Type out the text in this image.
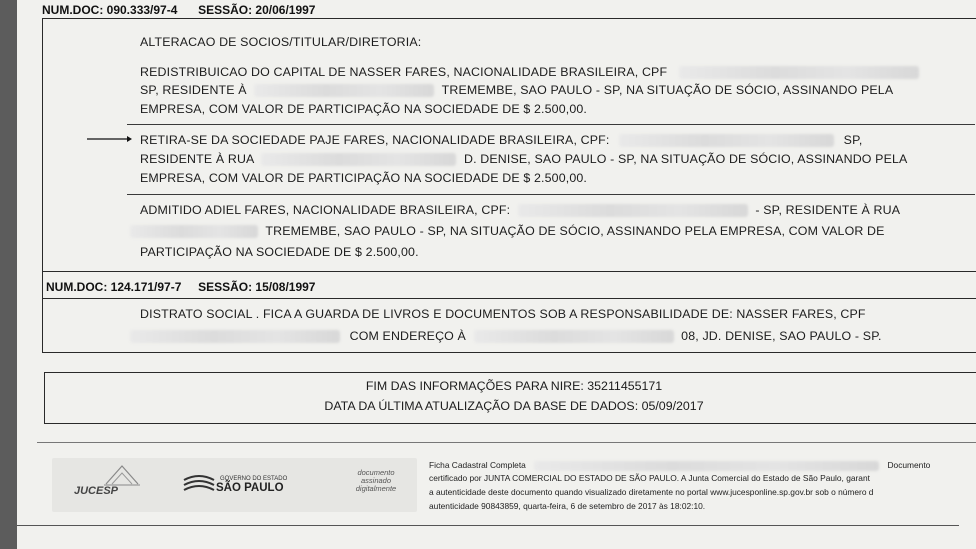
NUM.DOC: 090.333/97-4 SESSÃO: 20/06/1997
ALTERACAO DE SOCIOS/TITULAR/DIRETORIA:
REDISTRIBUICAO DO CAPITAL DE NASSER FARES, NACIONALIDADE BRASILEIRA, CPF
SP, RESIDENTE À	TREMEMBE, SAO PAULO - SP, NA SITUAÇÃO DE SÓCIO, ASSINANDO PELA
EMPRESA, COM VALOR DE PARTICIPAÇÃO NA SOCIEDADE DE $ 2.500,00.
RETIRA-SE DA SOCIEDADE PAJE FARES, NACIONALIDADE BRASILEIRA, CPF:	SP,
RESIDENTE À RUA	D. DENISE, SAO PAULO - SP, NA SITUAÇÃO DE SÓCIO, ASSINANDO PELA
EMPRESA, COM VALOR DE PARTICIPAÇÃO NA SOCIEDADE DE $ 2.500,00.
ADMITIDO ADIEL FARES, NACIONALIDADE BRASILEIRA, CPF:	- SP, RESIDENTE À RUA
TREMEMBE, SAO PAULO - SP, NA SITUAÇÃO DE SÓCIO, ASSINANDO PELA EMPRESA, COM VALOR DE
PARTICIPAÇÃO NA SOCIEDADE DE $ 2.500,00.
NUM.DOC: 124.171/97-7 SESSÃO: 15/08/1997
DISTRATO SOCIAL . FICA A GUARDA DE LIVROS E DOCUMENTOS SOB A RESPONSABILIDADE DE: NASSER FARES, CPF
COM ENDEREÇO À	08, JD. DENISE, SAO PAULO - SP.
FIM DAS INFORMAÇÕES PARA NIRE: 35211455171
DATA DA ÚLTIMA ATUALIZAÇÃO DA BASE DE DADOS: 05/09/2017
JUCESP
GOVERNO DO ESTADO
SÃO PAULO
documento assinado digitalmente
Ficha Cadastral Completa	Documento
certificado por JUNTA COMERCIAL DO ESTADO DE SÃO PAULO. A Junta Comercial do Estado de São Paulo, garant
a autenticidade deste documento quando visualizado diretamente no portal www.jucesponline.sp.gov.br sob o número d
autenticidade 90843859, quarta-feira, 6 de setembro de 2017 às 18:02:10.
